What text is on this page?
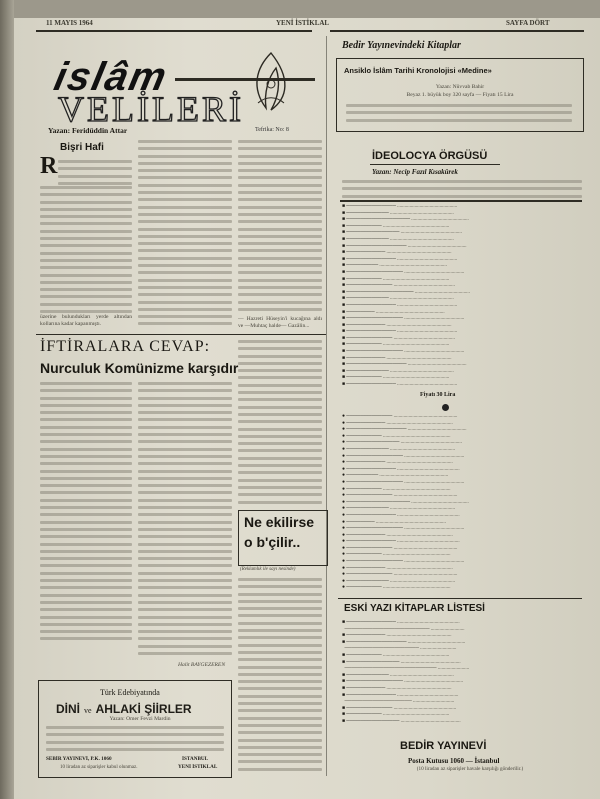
11 MAYIS 1964	YENİ İSTİKLAL	SAYFA DÖRT
islâm
VELİLERİ
Yazan: Feridüddin Attar	Tefrika: No: 8
Bişri Hafi
R
üzerine bulundukları yerde altından kollarına kadar kapanmıştı.
— Hazreti Hüseyin'i kucağına aldı ve —Muhtaç halde— Gazâlin...
Bedir Yayınevindeki Kitaplar
Ansiklo İslâm Tarihi Kronolojisi «Medine»
Yazan: Nüvvab Bahir
Beyaz 1. büyük boy 320 sayfa — Fiyatı 15 Lira
İDEOLOCYA ÖRGÜSÜ
Yazan: Necip Fazıl Kısakürek
■ ────────────── ................................................
■ ──────────── ...................................................
■ ────────────────── ..............................................
■ ────────── .....................................................
■ ─────────────── .................................................
■ ──────────── ...................................................
■ ───────────────── ...............................................
■ ─────────── ....................................................
■ ────────────── ................................................
■ ───────── ......................................................
■ ──────────────── ................................................
■ ────────── .....................................................
■ ───────────── .................................................
■ ─────────────────── ............................................
■ ──────────── ...................................................
■ ────────────── ................................................
■ ──────── .......................................................
■ ──────────────── ................................................
■ ─────────── ....................................................
■ ────────────── ................................................
■ ───────────── .................................................
■ ────────── .....................................................
■ ──────────────── ................................................
■ ─────────── ....................................................
■ ───────────────── ...............................................
■ ──────────── ...................................................
■ ────────── .....................................................
■ ────────────── ................................................
Fiyatı 30 Lira
● ───────────── ...................................................
● ─────────── .....................................................
● ───────────────── ...............................................
● ────────── ......................................................
● ─────────────── .................................................
● ──────────── ....................................................
● ──────────────── ................................................
● ─────────── .....................................................
● ────────────── ..................................................
● ───────── .......................................................
● ──────────────── ................................................
● ────────── ......................................................
● ───────────── ...................................................
● ────────────────── ..............................................
● ──────────── ....................................................
● ────────────── ..................................................
● ──────── ........................................................
● ──────────────── ................................................
● ─────────── .....................................................
● ────────────── ..................................................
● ───────────── ...................................................
● ────────── ......................................................
● ──────────────── ................................................
● ─────────── .....................................................
● ───────────── ...................................................
● ──────────── ....................................................
● ────────── ......................................................
ESKİ YAZI KİTAPLAR LİSTESİ
■ ────────────── ..................................................
──────────────────────── ...........................
■ ─────────── ....................................................
■ ───────────────── ..............................................
───────────────────── .............................
■ ────────── .....................................................
■ ─────────────── ................................................
────────────────────────── .........................
■ ──────────── ...................................................
■ ──────────────── ...............................................
■ ─────────── ....................................................
■ ────────────── .................................................
─────────────────── .................................
■ ───────────── ..................................................
■ ────────── .....................................................
■ ─────────────── ................................................
BEDİR YAYINEVİ
Posta Kutusu 1060 — İstanbul
(10 liradan az siparişler havale karşılığı gönderilir.)
İFTİRALARA CEVAP:
Nurculuk Komünizme karşıdır
Halit BAYGEZEREN
Ne ekilirse
o b'çilir..
(Reklamlık ile sayı nesinde)
Türk Edebiyatında
DİNİ ve AHLAKİ ŞİİRLER
Yazan: Ömer Fevzi Mardin
SEBİR YAYINEVİ, P.K. 1060	İSTANBUL
10 liradan az siparişler kabul olunmaz.	YENİ İSTİKLAL
